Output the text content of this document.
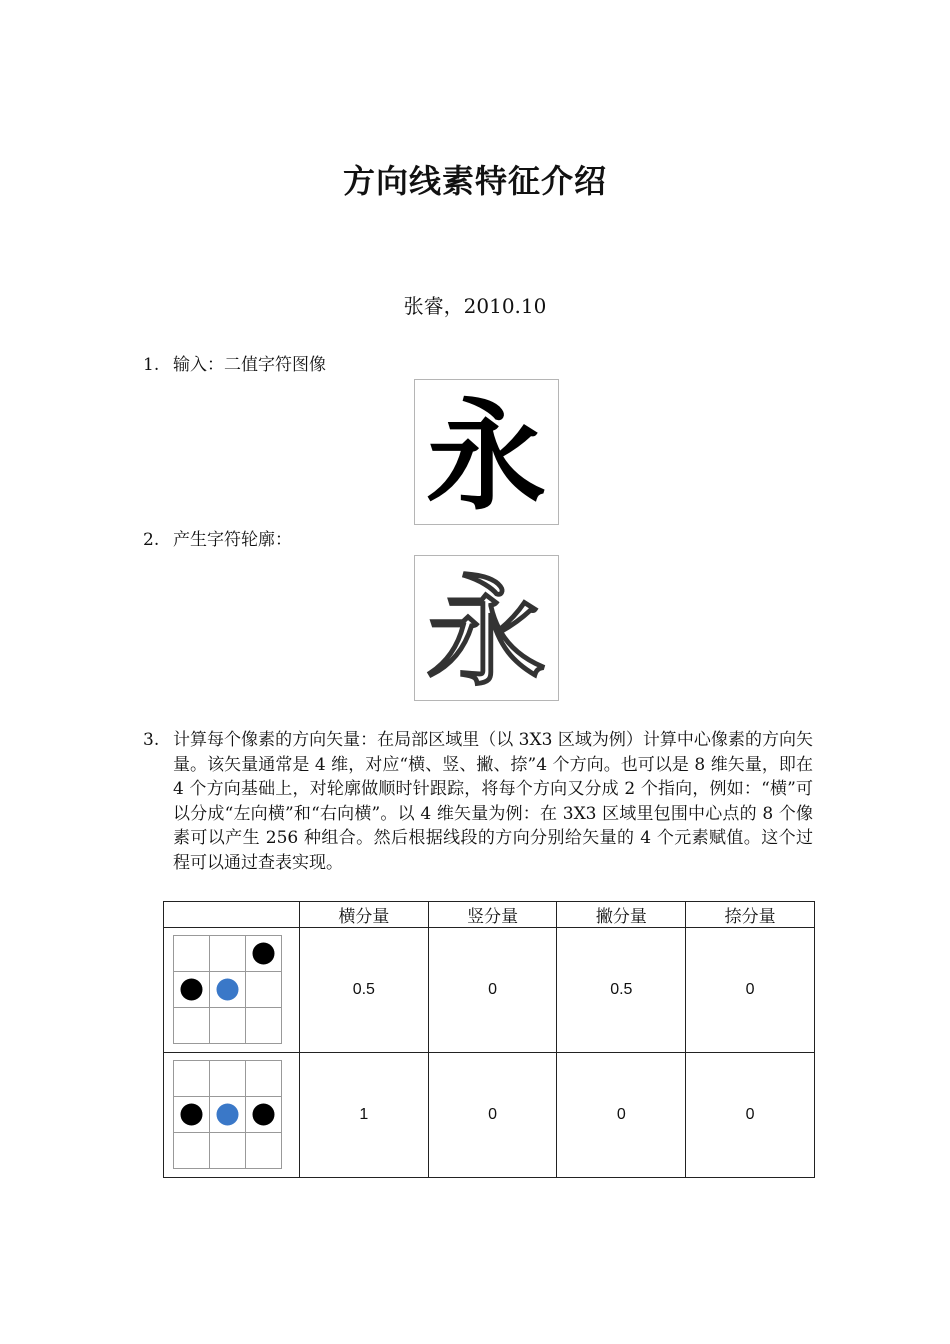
方向线素特征介绍
张睿，2010.10
1. 输入：二值字符图像
永
2. 产生字符轮廓：
永
3. 计算每个像素的方向矢量：在局部区域里（以 3X3 区域为例）计算中心像素的方向矢量。该矢量通常是 4 维，对应“横、竖、撇、捺”4 个方向。也可以是 8 维矢量，即在 4 个方向基础上，对轮廓做顺时针跟踪，将每个方向又分成 2 个指向，例如：“横”可以分成“左向横”和“右向横”。以 4 维矢量为例：在 3X3 区域里包围中心点的 8 个像素可以产生 256 种组合。然后根据线段的方向分别给矢量的 4 个元素赋值。这个过程可以通过查表实现。
	横分量	竖分量	撇分量	捺分量

	0.5	0	0.5	0

	1	0	0	0
